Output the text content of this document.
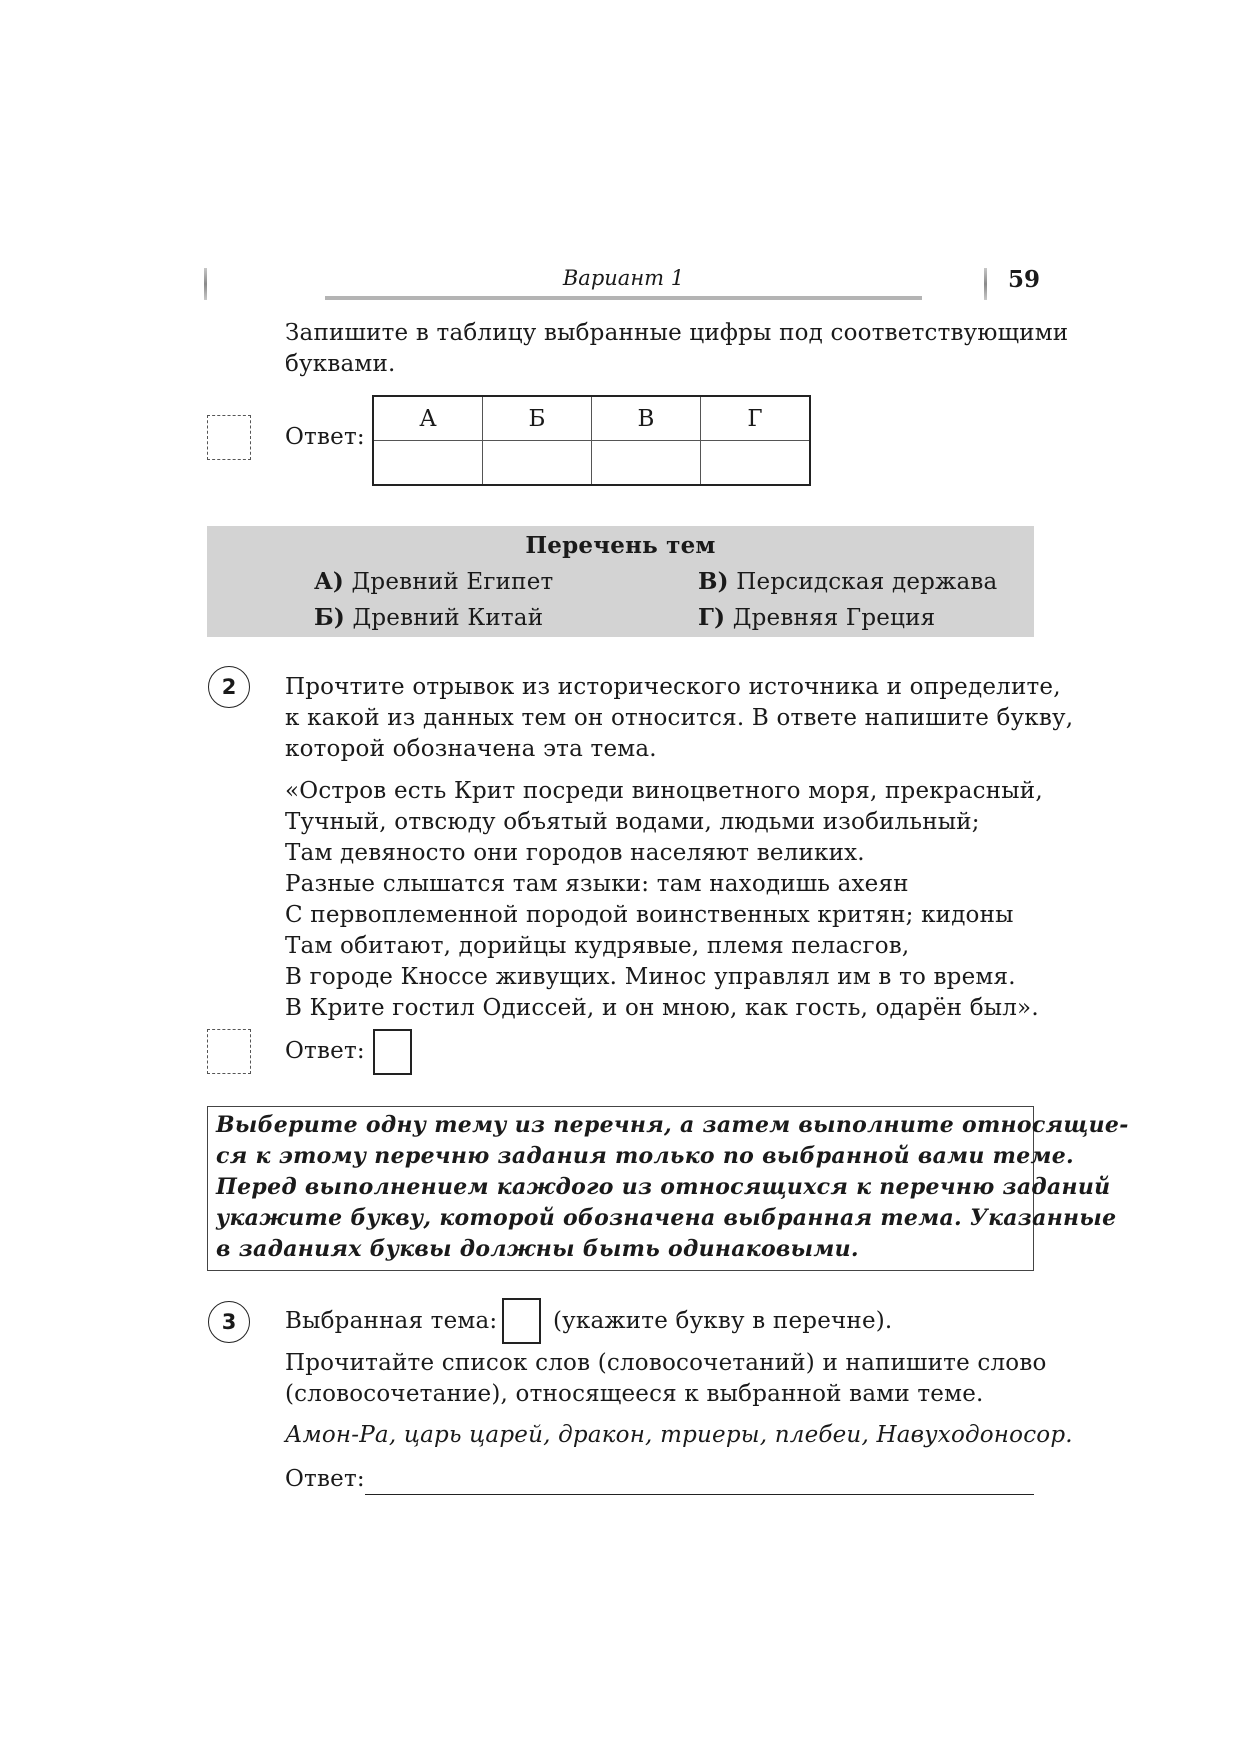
Вариант 1	59
Запишите в таблицу выбранные цифры под соответствующими
буквами.
Ответ:
А	Б	В	Г

Перечень тем
А) Древний Египет
Б) Древний Китай
В) Персидская держава
Г) Древняя Греция
2	Прочтите отрывок из исторического источника и определите,
к какой из данных тем он относится. В ответе напишите букву,
которой обозначена эта тема.
«Остров есть Крит посреди виноцветного моря, прекрасный,
Тучный, отвсюду объятый водами, людьми изобильный;
Там девяносто они городов населяют великих.
Разные слышатся там языки: там находишь ахеян
С первоплеменной породой воинственных критян; кидоны
Там обитают, дорийцы кудрявые, племя пеласгов,
В городе Кноссе живущих. Минос управлял им в то время.
В Крите гостил Одиссей, и он мною, как гость, одарён был».
Ответ:
Выберите одну тему из перечня, а затем выполните относящие-
ся к этому перечню задания только по выбранной вами теме.
Перед выполнением каждого из относящихся к перечню заданий
укажите букву, которой обозначена выбранная тема. Указанные
в заданиях буквы должны быть одинаковыми.
3	Выбранная тема: (укажите букву в перечне).
Прочитайте список слов (словосочетаний) и напишите слово
(словосочетание), относящееся к выбранной вами теме.
Амон-Ра, царь царей, дракон, триеры, плебеи, Навуходоносор.
Ответ:
